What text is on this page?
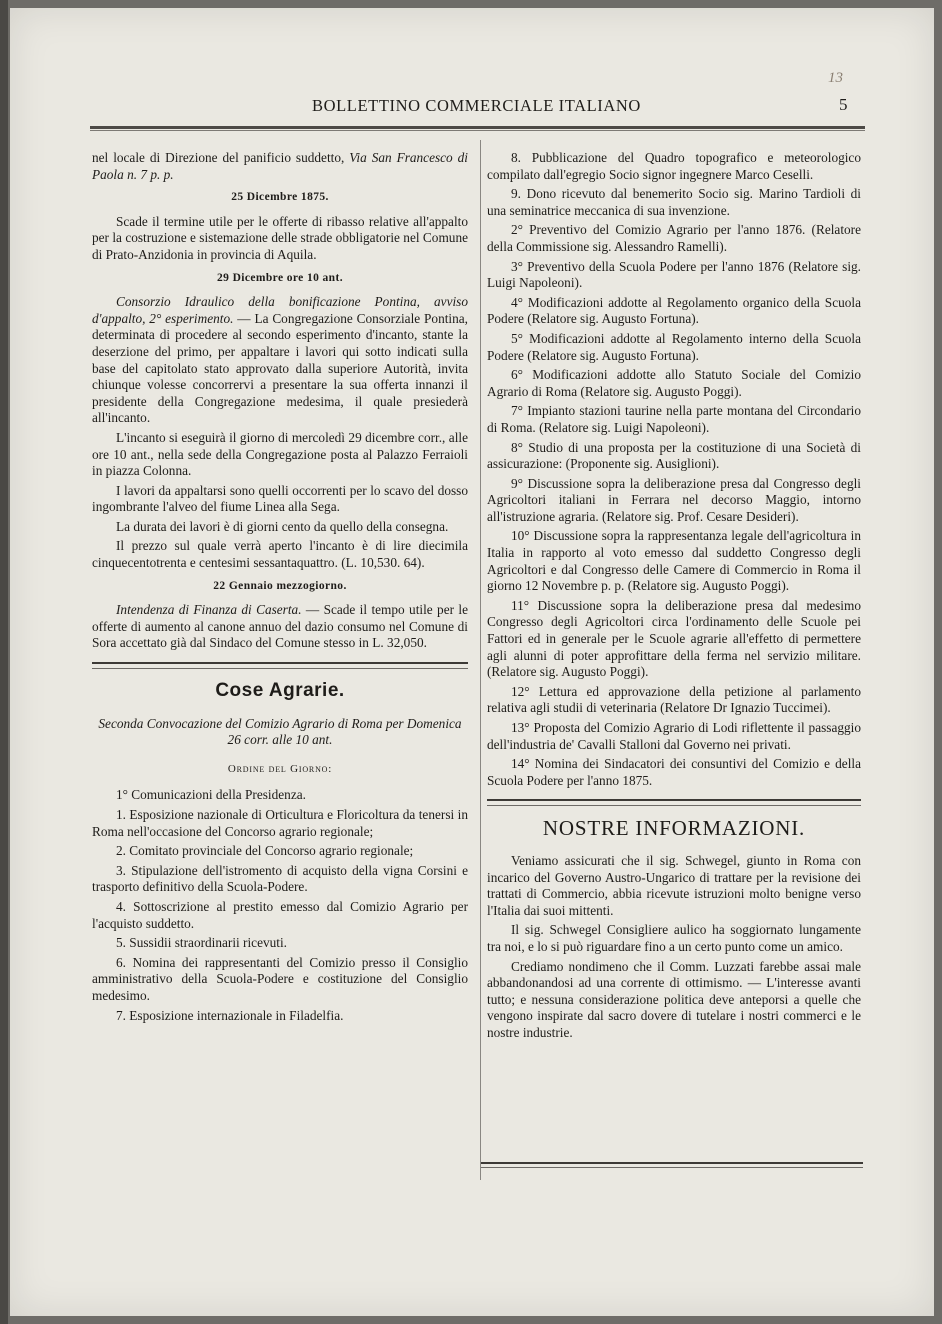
13
BOLLETTINO COMMERCIALE ITALIANO	5

nel locale di Direzione del panificio suddetto, Via San Francesco di Paola n. 7 p. p.

25 Dicembre 1875.

Scade il termine utile per le offerte di ribasso relative all'appalto per la costruzione e sistemazione delle strade obbligatorie nel Comune di Prato-Anzidonia in provincia di Aquila.

29 Dicembre ore 10 ant.

Consorzio Idraulico della bonificazione Pontina, avviso d'appalto, 2° esperimento. — La Congregazione Consorziale Pontina, determinata di procedere al secondo esperimento d'incanto, stante la deserzione del primo, per appaltare i lavori qui sotto indicati sulla base del capitolato stato approvato dalla superiore Autorità, invita chiunque volesse concorrervi a presentare la sua offerta innanzi il presidente della Congregazione medesima, il quale presiederà all'incanto.

L'incanto si eseguirà il giorno di mercoledì 29 dicembre corr., alle ore 10 ant., nella sede della Congregazione posta al Palazzo Ferraioli in piazza Colonna.

I lavori da appaltarsi sono quelli occorrenti per lo scavo del dosso ingombrante l'alveo del fiume Linea alla Sega.

La durata dei lavori è di giorni cento da quello della consegna.

Il prezzo sul quale verrà aperto l'incanto è di lire diecimila cinquecentotrenta e centesimi sessantaquattro. (L. 10,530. 64).

22 Gennaio mezzogiorno.

Intendenza di Finanza di Caserta. — Scade il tempo utile per le offerte di aumento al canone annuo del dazio consumo nel Comune di Sora accettato già dal Sindaco del Comune stesso in L. 32,050.

Cose Agrarie.
Seconda Convocazione del Comizio Agrario di Roma per Domenica 26 corr. alle 10 ant.
Ordine del Giorno:

1° Comunicazioni della Presidenza.

1. Esposizione nazionale di Orticultura e Floricoltura da tenersi in Roma nell'occasione del Concorso agrario regionale;

2. Comitato provinciale del Concorso agrario regionale;

3. Stipulazione dell'istromento di acquisto della vigna Corsini e trasporto definitivo della Scuola-Podere.

4. Sottoscrizione al prestito emesso dal Comizio Agrario per l'acquisto suddetto.

5. Sussidii straordinarii ricevuti.

6. Nomina dei rappresentanti del Comizio presso il Consiglio amministrativo della Scuola-Podere e costituzione del Consiglio medesimo.

7. Esposizione internazionale in Filadelfia.

8. Pubblicazione del Quadro topografico e meteorologico compilato dall'egregio Socio signor ingegnere Marco Ceselli.

9. Dono ricevuto dal benemerito Socio sig. Marino Tardioli di una seminatrice meccanica di sua invenzione.

2° Preventivo del Comizio Agrario per l'anno 1876. (Relatore della Commissione sig. Alessandro Ramelli).

3° Preventivo della Scuola Podere per l'anno 1876 (Relatore sig. Luigi Napoleoni).

4° Modificazioni addotte al Regolamento organico della Scuola Podere (Relatore sig. Augusto Fortuna).

5° Modificazioni addotte al Regolamento interno della Scuola Podere (Relatore sig. Augusto Fortuna).

6° Modificazioni addotte allo Statuto Sociale del Comizio Agrario di Roma (Relatore sig. Augusto Poggi).

7° Impianto stazioni taurine nella parte montana del Circondario di Roma. (Relatore sig. Luigi Napoleoni).

8° Studio di una proposta per la costituzione di una Società di assicurazione: (Proponente sig. Ausiglioni).

9° Discussione sopra la deliberazione presa dal Congresso degli Agricoltori italiani in Ferrara nel decorso Maggio, intorno all'istruzione agraria. (Relatore sig. Prof. Cesare Desideri).

10° Discussione sopra la rappresentanza legale dell'agricoltura in Italia in rapporto al voto emesso dal suddetto Congresso degli Agricoltori e dal Congresso delle Camere di Commercio in Roma il giorno 12 Novembre p. p. (Relatore sig. Augusto Poggi).

11° Discussione sopra la deliberazione presa dal medesimo Congresso degli Agricoltori circa l'ordinamento delle Scuole pei Fattori ed in generale per le Scuole agrarie all'effetto di permettere agli alunni di poter approfittare della ferma nel servizio militare. (Relatore sig. Augusto Poggi).

12° Lettura ed approvazione della petizione al parlamento relativa agli studii di veterinaria (Relatore Dr Ignazio Tuccimei).

13° Proposta del Comizio Agrario di Lodi riflettente il passaggio dell'industria de' Cavalli Stalloni dal Governo nei privati.

14° Nomina dei Sindacatori dei consuntivi del Comizio e della Scuola Podere per l'anno 1875.

NOSTRE INFORMAZIONI.

Veniamo assicurati che il sig. Schwegel, giunto in Roma con incarico del Governo Austro-Ungarico di trattare per la revisione dei trattati di Commercio, abbia ricevute istruzioni molto benigne verso l'Italia dai suoi mittenti.

Il sig. Schwegel Consigliere aulico ha soggiornato lungamente tra noi, e lo si può riguardare fino a un certo punto come un amico.

Crediamo nondimeno che il Comm. Luzzati farebbe assai male abbandonandosi ad una corrente di ottimismo. — L'interesse avanti tutto; e nessuna considerazione politica deve anteporsi a quelle che vengono inspirate dal sacro dovere di tutelare i nostri commerci e le nostre industrie.
